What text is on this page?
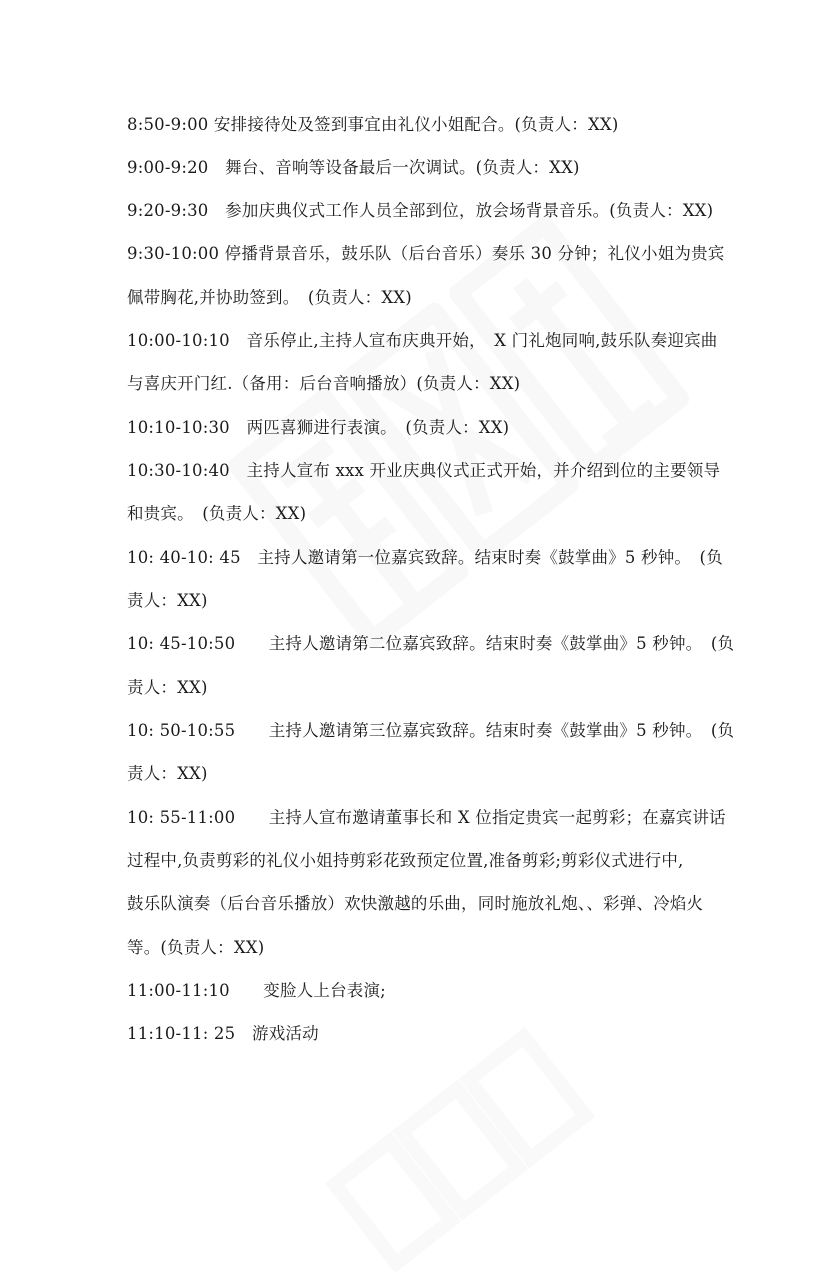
8:50-9:00 安排接待处及签到事宜由礼仪小姐配合。(负责人：XX)
9:00-9:20　舞台、音响等设备最后一次调试。(负责人：XX)
9:20-9:30　参加庆典仪式工作人员全部到位，放会场背景音乐。(负责人：XX)
9:30-10:00 停播背景音乐，鼓乐队（后台音乐）奏乐 30 分钟；礼仪小姐为贵宾
佩带胸花,并协助签到。　(负责人：XX)
10:00-10:10　音乐停止,主持人宣布庆典开始，　X 门礼炮同响,鼓乐队奏迎宾曲
与喜庆开门红.（备用：后台音响播放）(负责人：XX)
10:10-10:30　两匹喜狮进行表演。　(负责人：XX)
10:30-10:40　主持人宣布 xxx 开业庆典仪式正式开始，并介绍到位的主要领导
和贵宾。　(负责人：XX)
10: 40-10: 45　主持人邀请第一位嘉宾致辞。结束时奏《鼓掌曲》5 秒钟。　(负
责人：XX)
10: 45-10:50　　主持人邀请第二位嘉宾致辞。结束时奏《鼓掌曲》5 秒钟。　(负
责人：XX)
10: 50-10:55　　主持人邀请第三位嘉宾致辞。结束时奏《鼓掌曲》5 秒钟。　(负
责人：XX)
10: 55-11:00　　主持人宣布邀请董事长和 X 位指定贵宾一起剪彩；在嘉宾讲话
过程中,负责剪彩的礼仪小姐持剪彩花致预定位置,准备剪彩;剪彩仪式进行中,
鼓乐队演奏（后台音乐播放）欢快激越的乐曲，同时施放礼炮、、彩弹、冷焰火
等。(负责人：XX)
11:00-11:10　　变脸人上台表演;
11:10-11: 25　游戏活动
